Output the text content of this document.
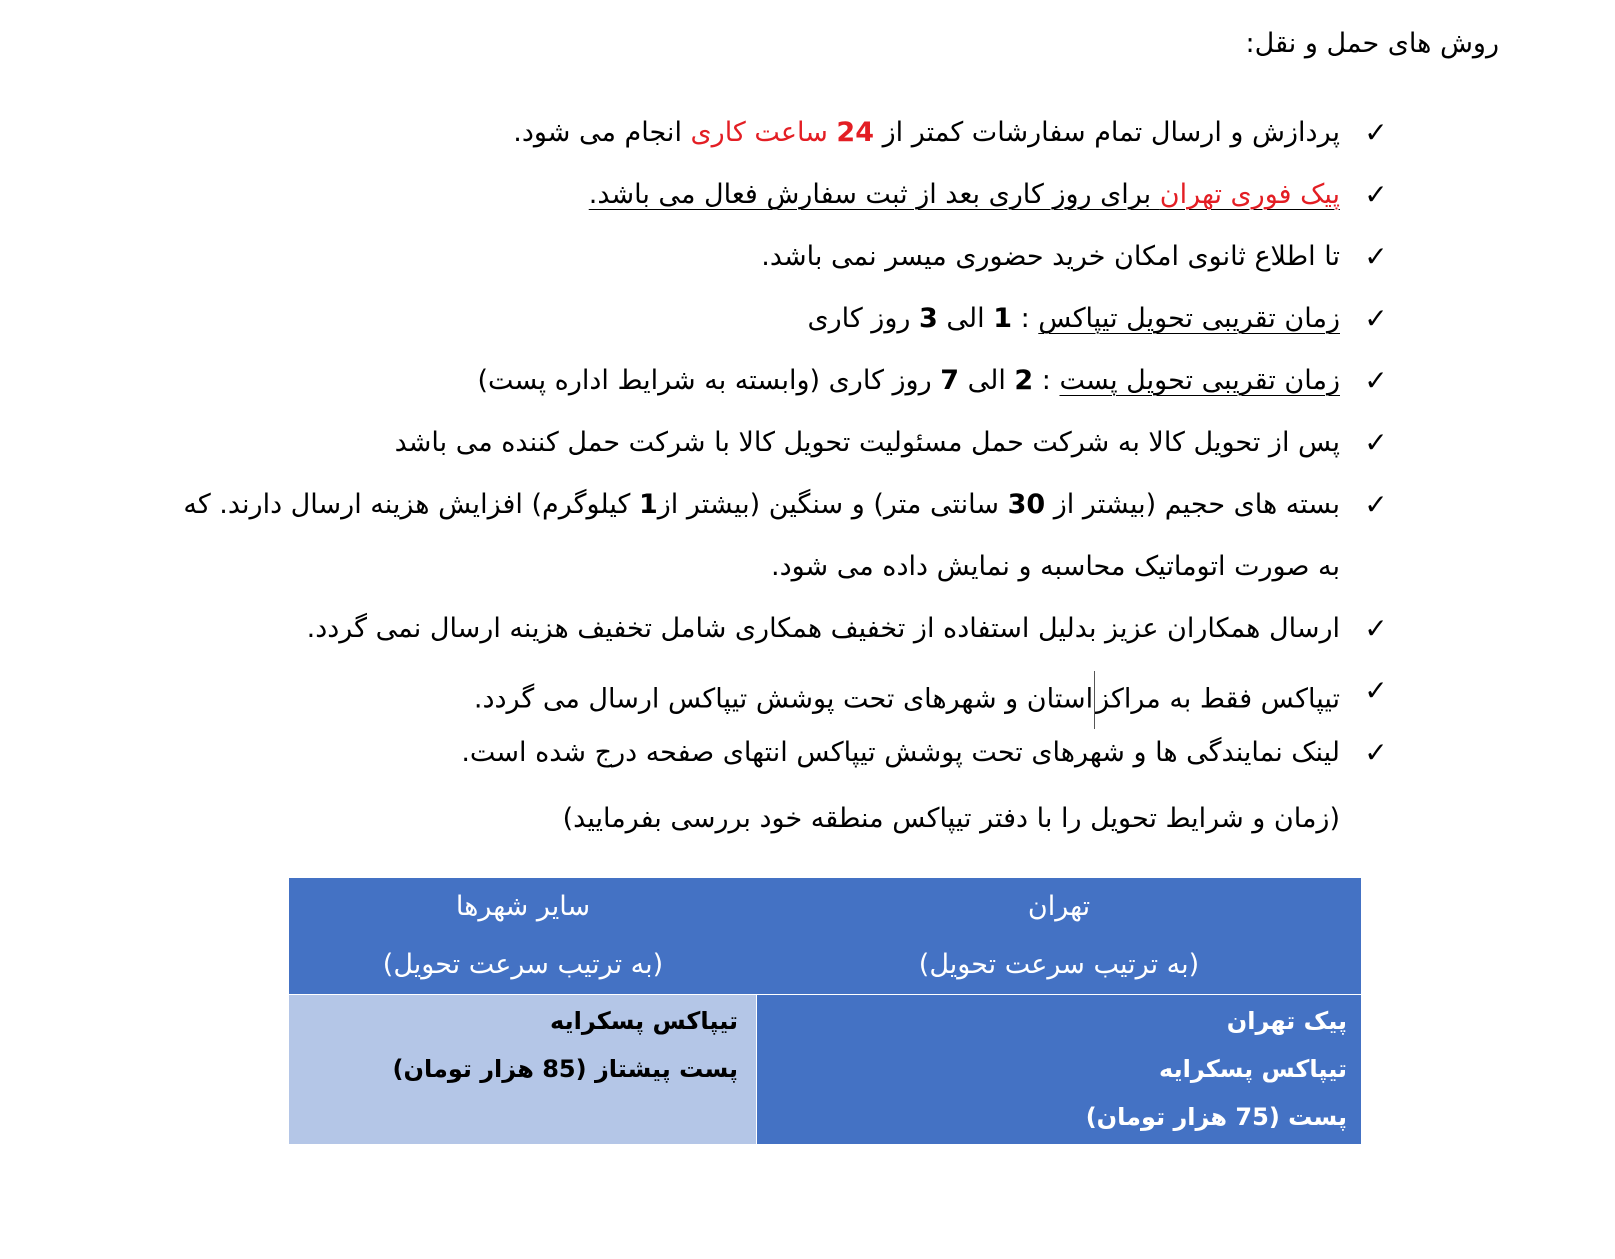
روش های حمل و نقل:
✓
پردازش و ارسال تمام سفارشات کمتر از 24 ساعت کاری انجام می شود.
✓
پیک فوری تهران برای روز کاری بعد از ثبت سفارش فعال می باشد.
✓
تا اطلاع ثانوی امکان خرید حضوری میسر نمی باشد.
✓
زمان تقریبی تحویل تیپاکس : 1 الی 3 روز کاری
✓
زمان تقریبی تحویل پست : 2 الی 7 روز کاری (وابسته به شرایط اداره پست)
✓
پس از تحویل کالا به شرکت حمل مسئولیت تحویل کالا با شرکت حمل کننده می باشد
✓
بسته های حجیم (بیشتر از 30 سانتی متر) و سنگین (بیشتر از1 کیلوگرم) افزایش هزینه ارسال دارند. که
به صورت اتوماتیک محاسبه و نمایش داده می شود.
✓
ارسال همکاران عزیز بدلیل استفاده از تخفیف همکاری شامل تخفیف هزینه ارسال نمی گردد.
✓
تیپاکس فقط به مراکزاستان و شهرهای تحت پوشش تیپاکس ارسال می گردد.
✓
لینک نمایندگی ها و شهرهای تحت پوشش تیپاکس انتهای صفحه درج شده است.
(زمان و شرایط تحویل را با دفتر تیپاکس منطقه خود بررسی بفرمایید)
تهران
(به ترتیب سرعت تحویل)
سایر شهرها
(به ترتیب سرعت تحویل)
پیک تهران
تیپاکس پسکرایه
پست (75 هزار تومان)
تیپاکس پسکرایه
پست پیشتاز (85 هزار تومان)
